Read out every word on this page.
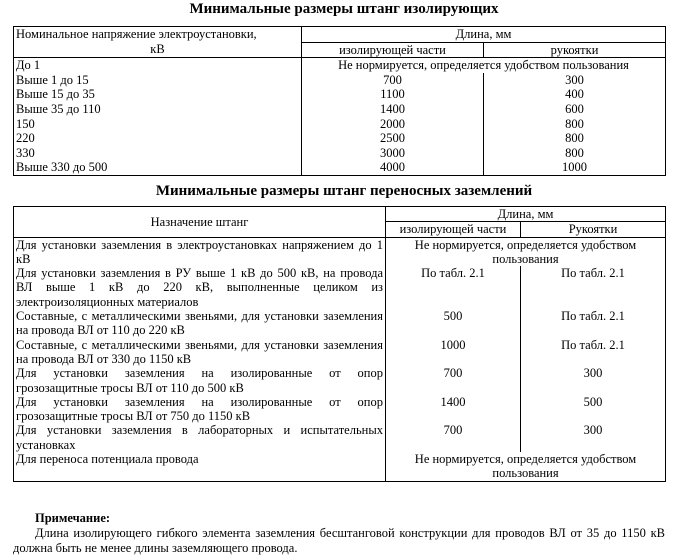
Минимальные размеры штанг изолирующих
Номинальное напряжение электроустановки,
кВ	Длина, мм	
	изолирующей части	рукоятки
До 1	Не нормируется, определяется удобством пользования	
Выше 1 до 15	700	300
Выше 15 до 35	1100	400
Выше 35 до 110	1400	600
150	2000	800
220	2500	800
330	3000	800
Выше 330 до 500	4000	1000
Минимальные размеры штанг переносных заземлений
Назначение штанг	Длина, мм	
	изолирующей части	Рукоятки
Для установки заземления в электроустановках напряжением до 1 кВ	Не нормируется, определяется удобством пользования	
Для установки заземления в РУ выше 1 кВ до 500 кВ, на провода ВЛ выше 1 кВ до 220 кВ, выполненные целиком из электроизоляционных материалов	По табл. 2.1	По табл. 2.1
Составные, с металлическими звеньями, для установки заземления на провода ВЛ от 110 до 220 кВ	500	По табл. 2.1
Составные, с металлическими звеньями, для установки заземления на провода ВЛ от 330 до 1150 кВ	1000	По табл. 2.1
Для установки заземления на изолированные от опор грозозащитные тросы ВЛ от 110 до 500 кВ	700	300
Для установки заземления на изолированные от опор грозозащитные тросы ВЛ от 750 до 1150 кВ	1400	500
Для установки заземления в лабораторных и испытательных установках	700	300
Для переноса потенциала провода	Не нормируется, определяется удобством пользования	
Примечание:
Длина изолирующего гибкого элемента заземления бесштанговой конструкции для проводов ВЛ от 35 до 1150 кВ должна быть не менее длины заземляющего провода.
